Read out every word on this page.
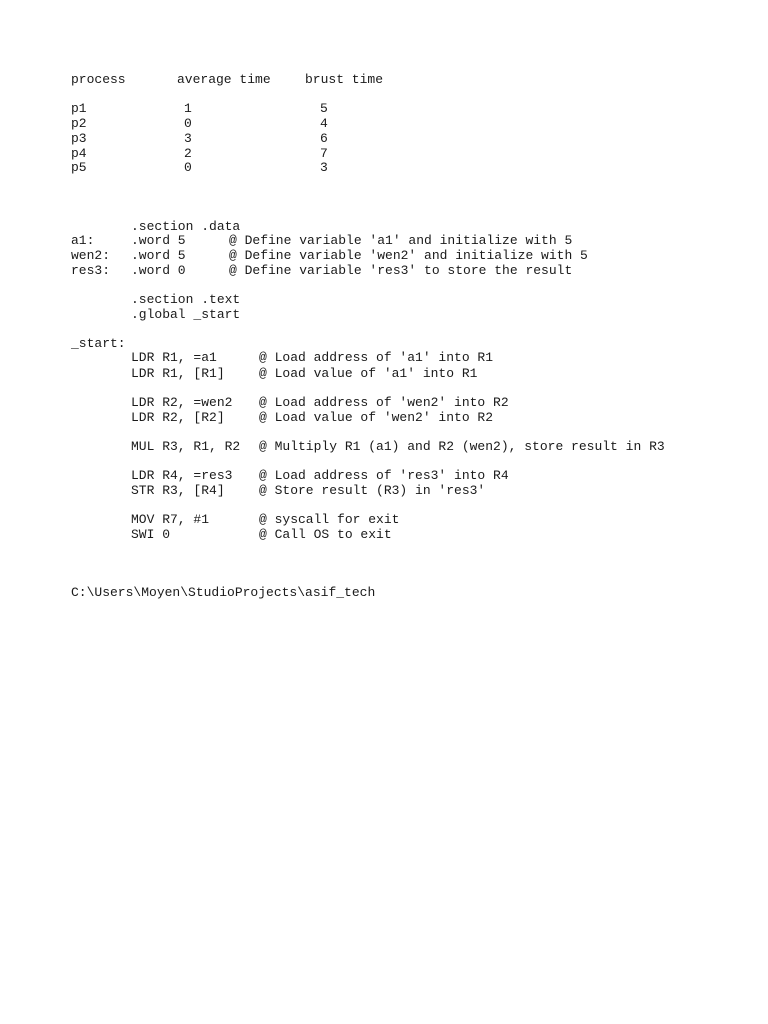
process	average time	brust time
p1	1	5
p2	0	4
p3	3	6
p4	2	7
p5	0	3
.section .data
a1:	.word 5	@ Define variable 'a1' and initialize with 5
wen2: .word 5	@ Define variable 'wen2' and initialize with 5
res3: .word 0	@ Define variable 'res3' to store the result
.section .text
.global _start
_start:
LDR R1, =a1	@ Load address of 'a1' into R1
LDR R1, [R1]	@ Load value of 'a1' into R1
LDR R2, =wen2 @ Load address of 'wen2' into R2
LDR R2, [R2]	@ Load value of 'wen2' into R2
MUL R3, R1, R2 @ Multiply R1 (a1) and R2 (wen2), store result in R3
LDR R4, =res3 @ Load address of 'res3' into R4
STR R3, [R4]	@ Store result (R3) in 'res3'
MOV R7, #1	@ syscall for exit
SWI 0	@ Call OS to exit
C:\Users\Moyen\StudioProjects\asif_tech
